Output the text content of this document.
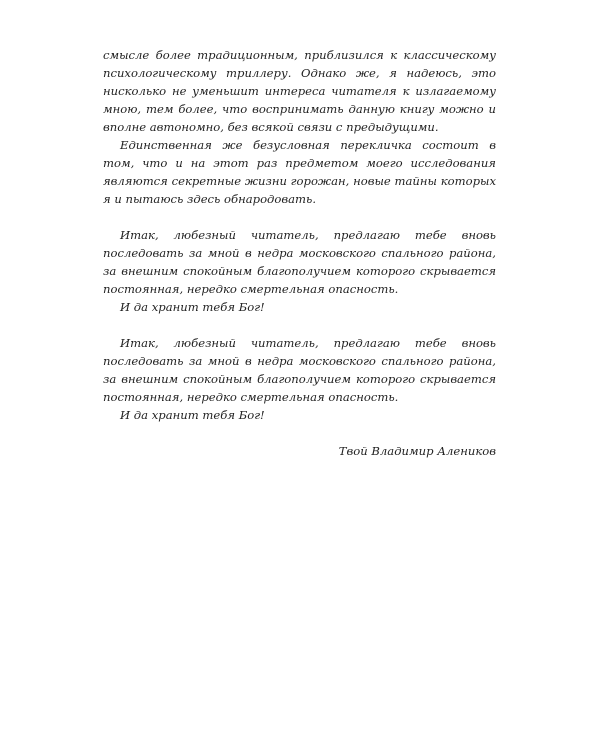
смысле более традиционным, приблизился к классическому психологическому триллеру. Однако же, я надеюсь, это нисколько не уменьшит интереса читателя к излагаемому мною, тем более, что воспринимать данную книгу можно и вполне автономно, без всякой связи с предыдущими.

Единственная же безусловная перекличка состоит в том, что и на этот раз предметом моего исследования являются секретные жизни горожан, новые тайны которых я и пытаюсь здесь обнародовать.

Итак, любезный читатель, предлагаю тебе вновь последовать за мной в недра московского спального района, за внешним спокойным благополучием которого скрывается постоянная, нередко смертельная опасность.

И да хранит тебя Бог!

Итак, любезный читатель, предлагаю тебе вновь последовать за мной в недра московского спального района, за внешним спокойным благополучием которого скрывается постоянная, нередко смертельная опасность.

И да хранит тебя Бог!

Твой Владимир Алеников
